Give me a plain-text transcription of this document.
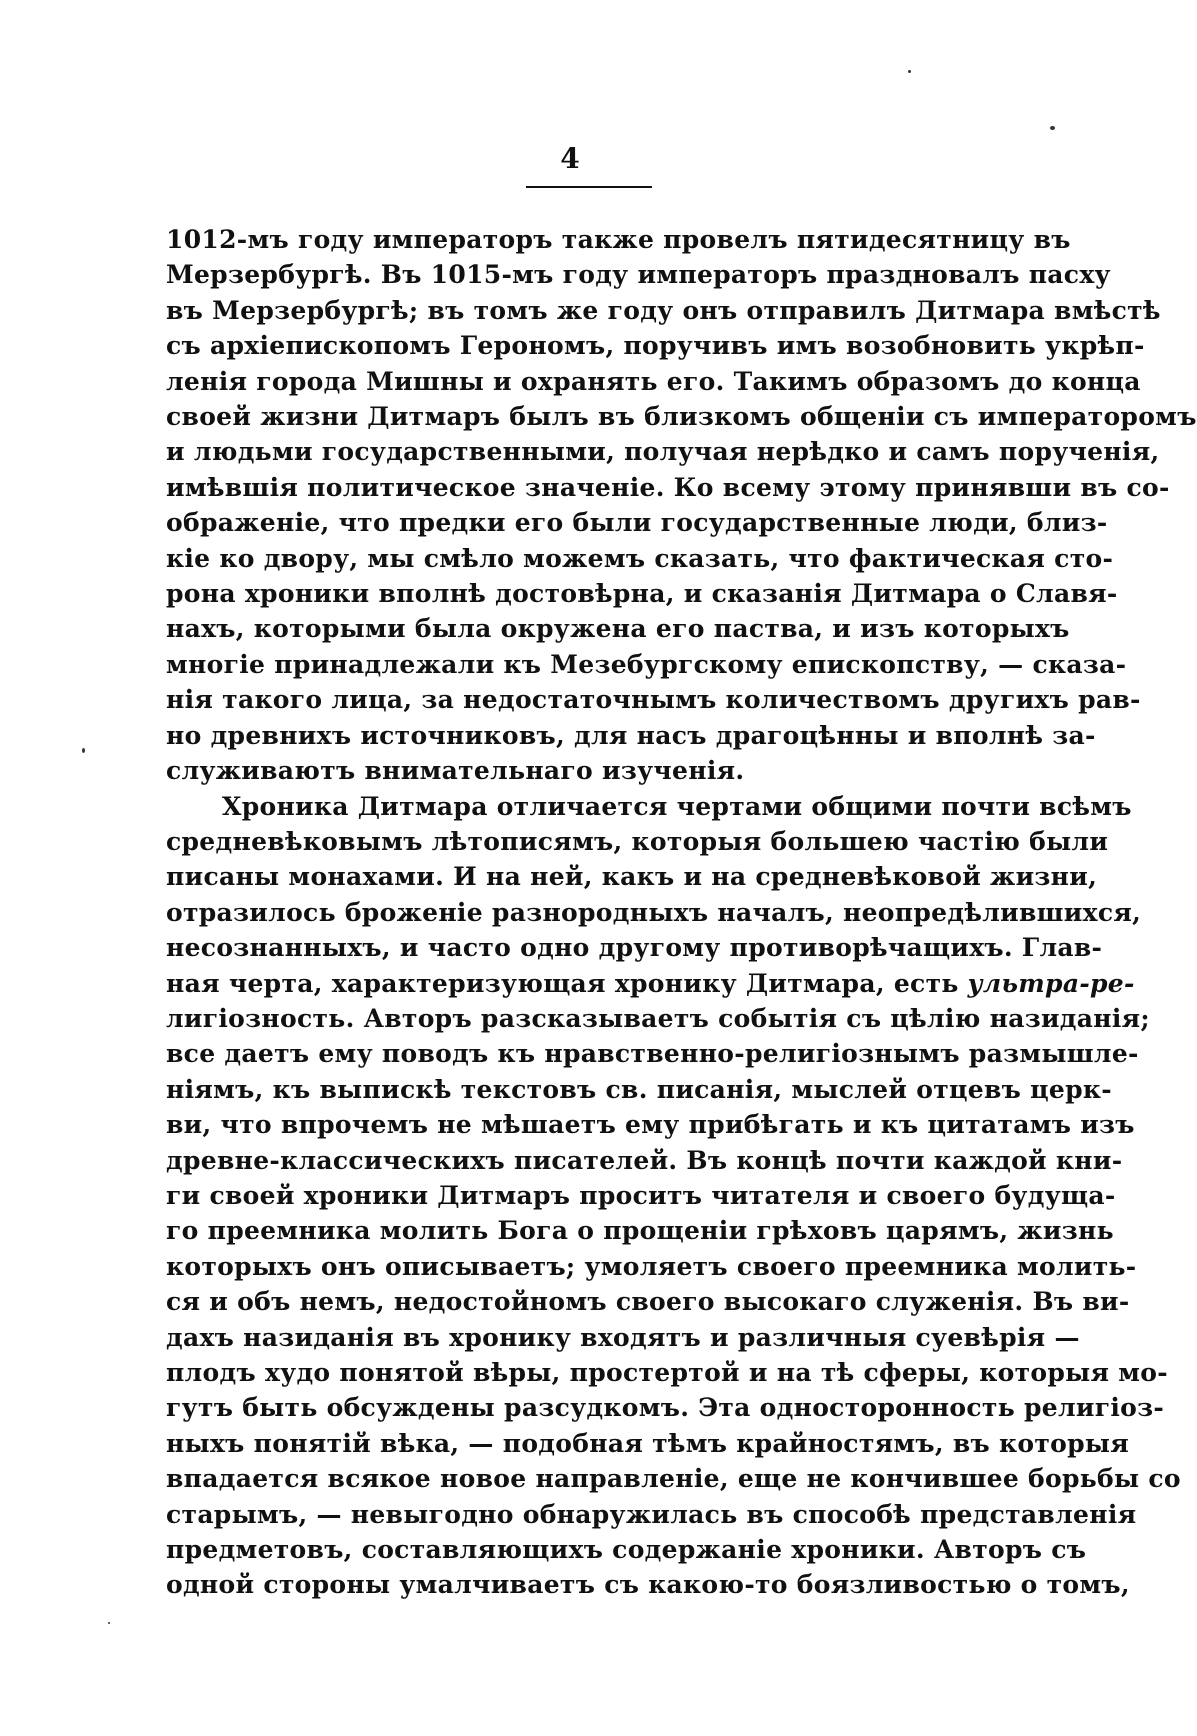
4
1012-мъ году императоръ также провелъ пятидесятницу въ
Мерзербургѣ. Въ 1015-мъ году императоръ праздновалъ пасху
въ Мерзербургѣ; въ томъ же году онъ отправилъ Дитмара вмѣстѣ
съ архіепископомъ Герономъ, поручивъ имъ возобновить укрѣп-
ленія города Мишны и охранять его. Такимъ образомъ до конца
своей жизни Дитмаръ былъ въ близкомъ общеніи съ императоромъ
и людьми государственными, получая нерѣдко и самъ порученія,
имѣвшія политическое значеніе. Ко всему этому принявши въ со-
ображеніе, что предки его были государственные люди, близ-
кіе ко двору, мы смѣло можемъ сказать, что фактическая сто-
рона хроники вполнѣ достовѣрна, и сказанія Дитмара о Славя-
нахъ, которыми была окружена его паства, и изъ которыхъ
многіе принадлежали къ Мезебургскому епископству, — сказа-
нія такого лица, за недостаточнымъ количествомъ другихъ рав-
но древнихъ источниковъ, для насъ драгоцѣнны и вполнѣ за-
служиваютъ внимательнаго изученія.
Хроника Дитмара отличается чертами общими почти всѣмъ
средневѣковымъ лѣтописямъ, которыя большею частію были
писаны монахами. И на ней, какъ и на средневѣковой жизни,
отразилось броженіе разнородныхъ началъ, неопредѣлившихся,
несознанныхъ, и часто одно другому противорѣчащихъ. Глав-
ная черта, характеризующая хронику Дитмара, есть ультра-ре-
лигіозность. Авторъ разсказываетъ событія съ цѣлію назиданія;
все даетъ ему поводъ къ нравственно-религіознымъ размышле-
ніямъ, къ выпискѣ текстовъ св. писанія, мыслей отцевъ церк-
ви, что впрочемъ не мѣшаетъ ему прибѣгать и къ цитатамъ изъ
древне-классическихъ писателей. Въ концѣ почти каждой кни-
ги своей хроники Дитмаръ проситъ читателя и своего будуща-
го преемника молить Бога о прощеніи грѣховъ царямъ, жизнь
которыхъ онъ описываетъ; умоляетъ своего преемника молить-
ся и объ немъ, недостойномъ своего высокаго служенія. Въ ви-
дахъ назиданія въ хронику входятъ и различныя суевѣрія —
плодъ худо понятой вѣры, простертой и на тѣ сферы, которыя мо-
гутъ быть обсуждены разсудкомъ. Эта односторонность религіоз-
ныхъ понятій вѣка, — подобная тѣмъ крайностямъ, въ которыя
впадается всякое новое направленіе, еще не кончившее борьбы со
старымъ, — невыгодно обнаружилась въ способѣ представленія
предметовъ, составляющихъ содержаніе хроники. Авторъ съ
одной стороны умалчиваетъ съ какою-то боязливостью о томъ,
